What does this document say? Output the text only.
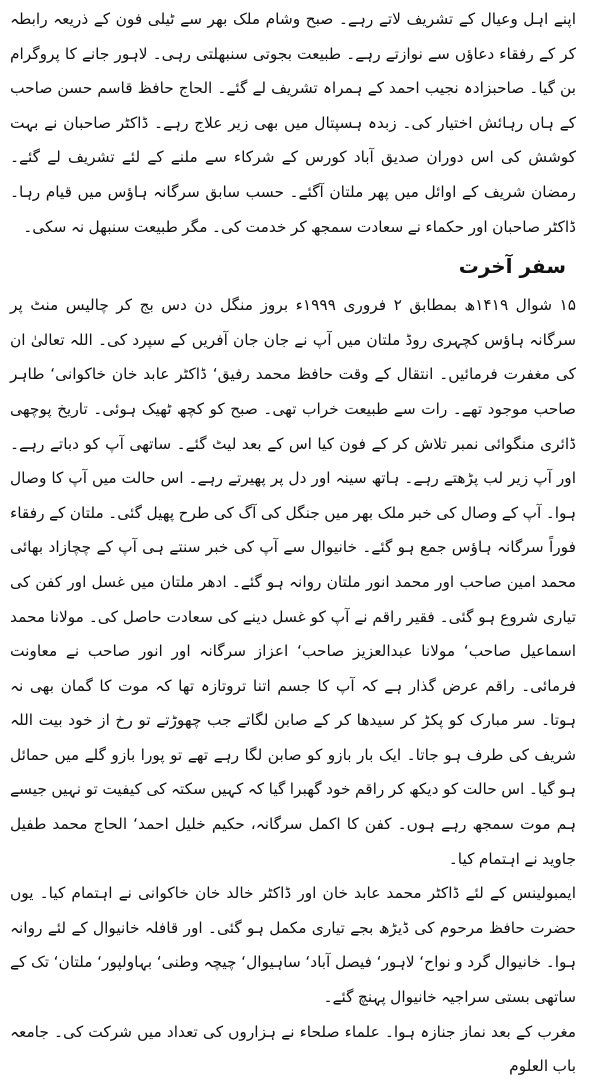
اپنے اہل وعیال کے تشریف لاتے رہے۔ صبح وشام ملک بھر سے ٹیلی فون کے ذریعہ رابطہ کر کے رفقاء دعاؤں سے نوازتے رہے۔ طبیعت بجوتی سنبھلتی رہی۔ لاہور جانے کا پروگرام بن گیا۔ صاحبزادہ نجیب احمد کے ہمراہ تشریف لے گئے۔ الحاج حافظ قاسم حسن صاحب کے ہاں رہائش اختیار کی۔ زبدہ ہسپتال میں بھی زیر علاج رہے۔ ڈاکٹر صاحبان نے بہت کوشش کی اس دوران صدیق آباد کورس کے شرکاء سے ملنے کے لئے تشریف لے گئے۔ رمضان شریف کے اوائل میں پھر ملتان آگئے۔ حسب سابق سرگانہ ہاؤس میں قیام رہا۔ ڈاکٹر صاحبان اور حکماء نے سعادت سمجھ کر خدمت کی۔ مگر طبیعت سنبھل نہ سکی۔

سفر آخرت

۱۵ شوال ۱۴۱۹ھ بمطابق ۲ فروری ۱۹۹۹ء بروز منگل دن دس بج کر چالیس منٹ پر سرگانہ ہاؤس کچہری روڈ ملتان میں آپ نے جان جان آفریں کے سپرد کی۔ اللہ تعالیٰ ان کی مغفرت فرمائیں۔ انتقال کے وقت حافظ محمد رفیق‘ ڈاکٹر عابد خان خاکوانی‘ طاہر صاحب موجود تھے۔ رات سے طبیعت خراب تھی۔ صبح کو کچھ ٹھیک ہوئی۔ تاریخ پوچھی ڈائری منگوائی نمبر تلاش کر کے فون کیا اس کے بعد لیٹ گئے۔ ساتھی آپ کو دباتے رہے۔ اور آپ زیر لب پڑھتے رہے۔ ہاتھ سینہ اور دل پر پھیرتے رہے۔ اس حالت میں آپ کا وصال ہوا۔ آپ کے وصال کی خبر ملک بھر میں جنگل کی آگ کی طرح پھیل گئی۔ ملتان کے رفقاء فوراً سرگانہ ہاؤس جمع ہو گئے۔ خانیوال سے آپ کی خبر سنتے ہی آپ کے چچازاد بھائی محمد امین صاحب اور محمد انور ملتان روانہ ہو گئے۔ ادھر ملتان میں غسل اور کفن کی تیاری شروع ہو گئی۔ فقیر راقم نے آپ کو غسل دینے کی سعادت حاصل کی۔ مولانا محمد اسماعیل صاحب‘ مولانا عبدالعزیز صاحب‘ اعزاز سرگانہ اور انور صاحب نے معاونت فرمائی۔ راقم عرض گذار ہے کہ آپ کا جسم اتنا تروتازہ تھا کہ موت کا گمان بھی نہ ہوتا۔ سر مبارک کو پکڑ کر سیدھا کر کے صابن لگاتے جب چھوڑتے تو رخ از خود بیت اللہ شریف کی طرف ہو جاتا۔ ایک بار بازو کو صابن لگا رہے تھے تو پورا بازو گلے میں حمائل ہو گیا۔ اس حالت کو دیکھ کر راقم خود گھبرا گیا کہ کہیں سکتہ کی کیفیت تو نہیں جیسے ہم موت سمجھ رہے ہوں۔ کفن کا اکمل سرگانہ، حکیم خلیل احمد‘ الحاج محمد طفیل جاوید نے اہتمام کیا۔

ایمبولینس کے لئے ڈاکٹر محمد عابد خان اور ڈاکٹر خالد خان خاکوانی نے اہتمام کیا۔ یوں حضرت حافظ مرحوم کی ڈیڑھ بجے تیاری مکمل ہو گئی۔ اور قافلہ خانیوال کے لئے روانہ ہوا۔ خانیوال گرد و نواح‘ لاہور‘ فیصل آباد‘ ساہیوال‘ چیچہ وطنی‘ بہاولپور‘ ملتان‘ تک کے ساتھی بستی سراجیہ خانیوال پہنچ گئے۔

مغرب کے بعد نماز جنازہ ہوا۔ علماء صلحاء نے ہزاروں کی تعداد میں شرکت کی۔ جامعہ باب العلوم
